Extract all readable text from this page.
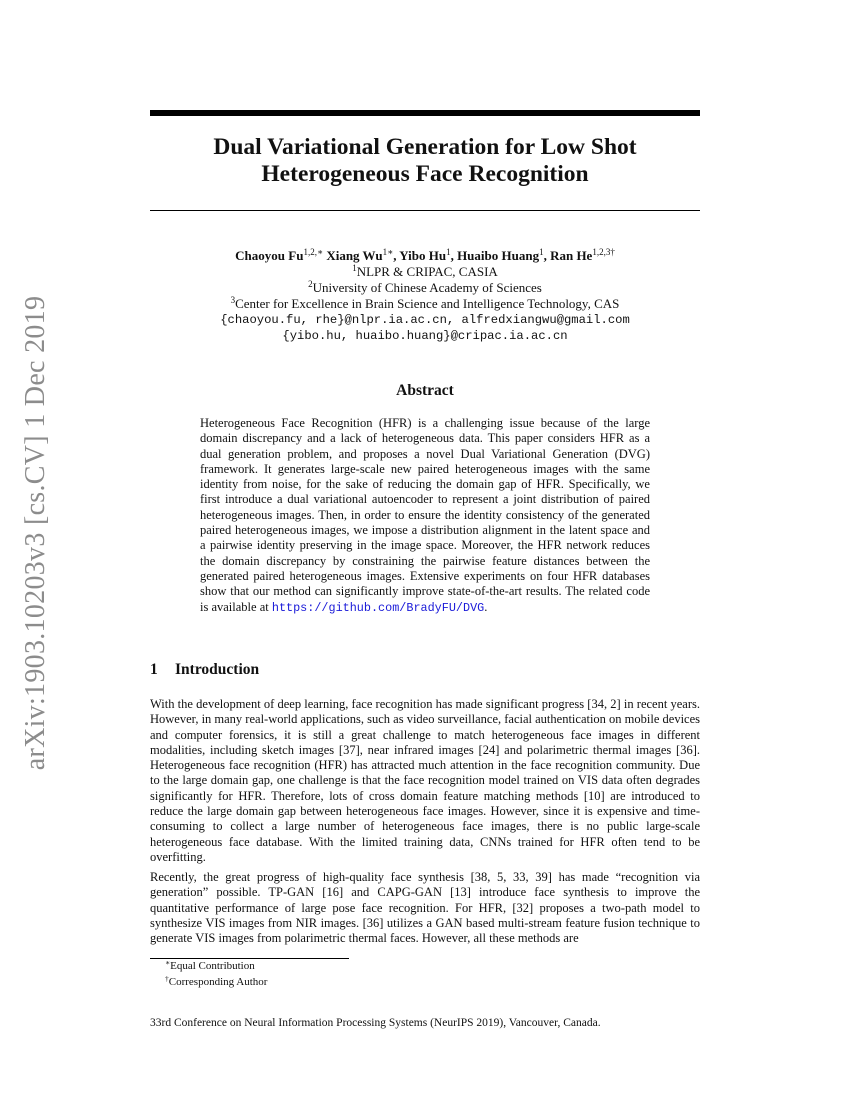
Dual Variational Generation for Low Shot
Heterogeneous Face Recognition
Chaoyou $Fu^{1,2,∗}$ Xiang $Wu^{1∗}$, Yibo Hu$^1$, Huaibo Huang$^1$, Ran $He^{1,2,3\dagger}$
$^1$NLPR & CRIPAC, CASIA
$^2$University of Chinese Academy of Sciences
$^3$Center for Excellence in Brain Science and Intelligence Technology, CAS
{chaoyou.fu, rhe}@nlpr.ia.ac.cn, alfredxiangwu@gmail.com
{yibo.hu, huaibo.huang}@cripac.ia.ac.cn
Abstract
Heterogeneous Face Recognition (HFR) is a challenging issue because of the large domain discrepancy and a lack of heterogeneous data. This paper considers HFR as a dual generation problem, and proposes a novel Dual Variational Generation (DVG) framework. It generates large-scale new paired heterogeneous images with the same identity from noise, for the sake of reducing the domain gap of HFR. Specifically, we first introduce a dual variational autoencoder to represent a joint distribution of paired heterogeneous images. Then, in order to ensure the identity consistency of the generated paired heterogeneous images, we impose a distribution alignment in the latent space and a pairwise identity preserving in the image space. Moreover, the HFR network reduces the domain discrepancy by constraining the pairwise feature distances between the generated paired heterogeneous images. Extensive experiments on four HFR databases show that our method can significantly improve state-of-the-art results. The related code is available at https://github.com/BradyFU/DVG.
1 Introduction
With the development of deep learning, face recognition has made significant progress [34, 2] in recent years. However, in many real-world applications, such as video surveillance, facial authentication on mobile devices and computer forensics, it is still a great challenge to match heterogeneous face images in different modalities, including sketch images [37], near infrared images [24] and polarimetric thermal images [36]. Heterogeneous face recognition (HFR) has attracted much attention in the face recognition community. Due to the large domain gap, one challenge is that the face recognition model trained on VIS data often degrades significantly for HFR. Therefore, lots of cross domain feature matching methods [10] are introduced to reduce the large domain gap between heterogeneous face images. However, since it is expensive and time-consuming to collect a large number of heterogeneous face images, there is no public large-scale heterogeneous face database. With the limited training data, CNNs trained for HFR often tend to be overfitting.
Recently, the great progress of high-quality face synthesis [38, 5, 33, 39] has made “recognition via generation” possible. TP-GAN [16] and CAPG-GAN [13] introduce face synthesis to improve the quantitative performance of large pose face recognition. For HFR, [32] proposes a two-path model to synthesize VIS images from NIR images. [36] utilizes a GAN based multi-stream feature fusion technique to generate VIS images from polarimetric thermal faces. However, all these methods are
∗Equal Contribution
†Corresponding Author
33rd Conference on Neural Information Processing Systems (NeurIPS 2019), Vancouver, Canada.
arXiv:1903.10203v3 [cs.CV] 1 Dec 2019
